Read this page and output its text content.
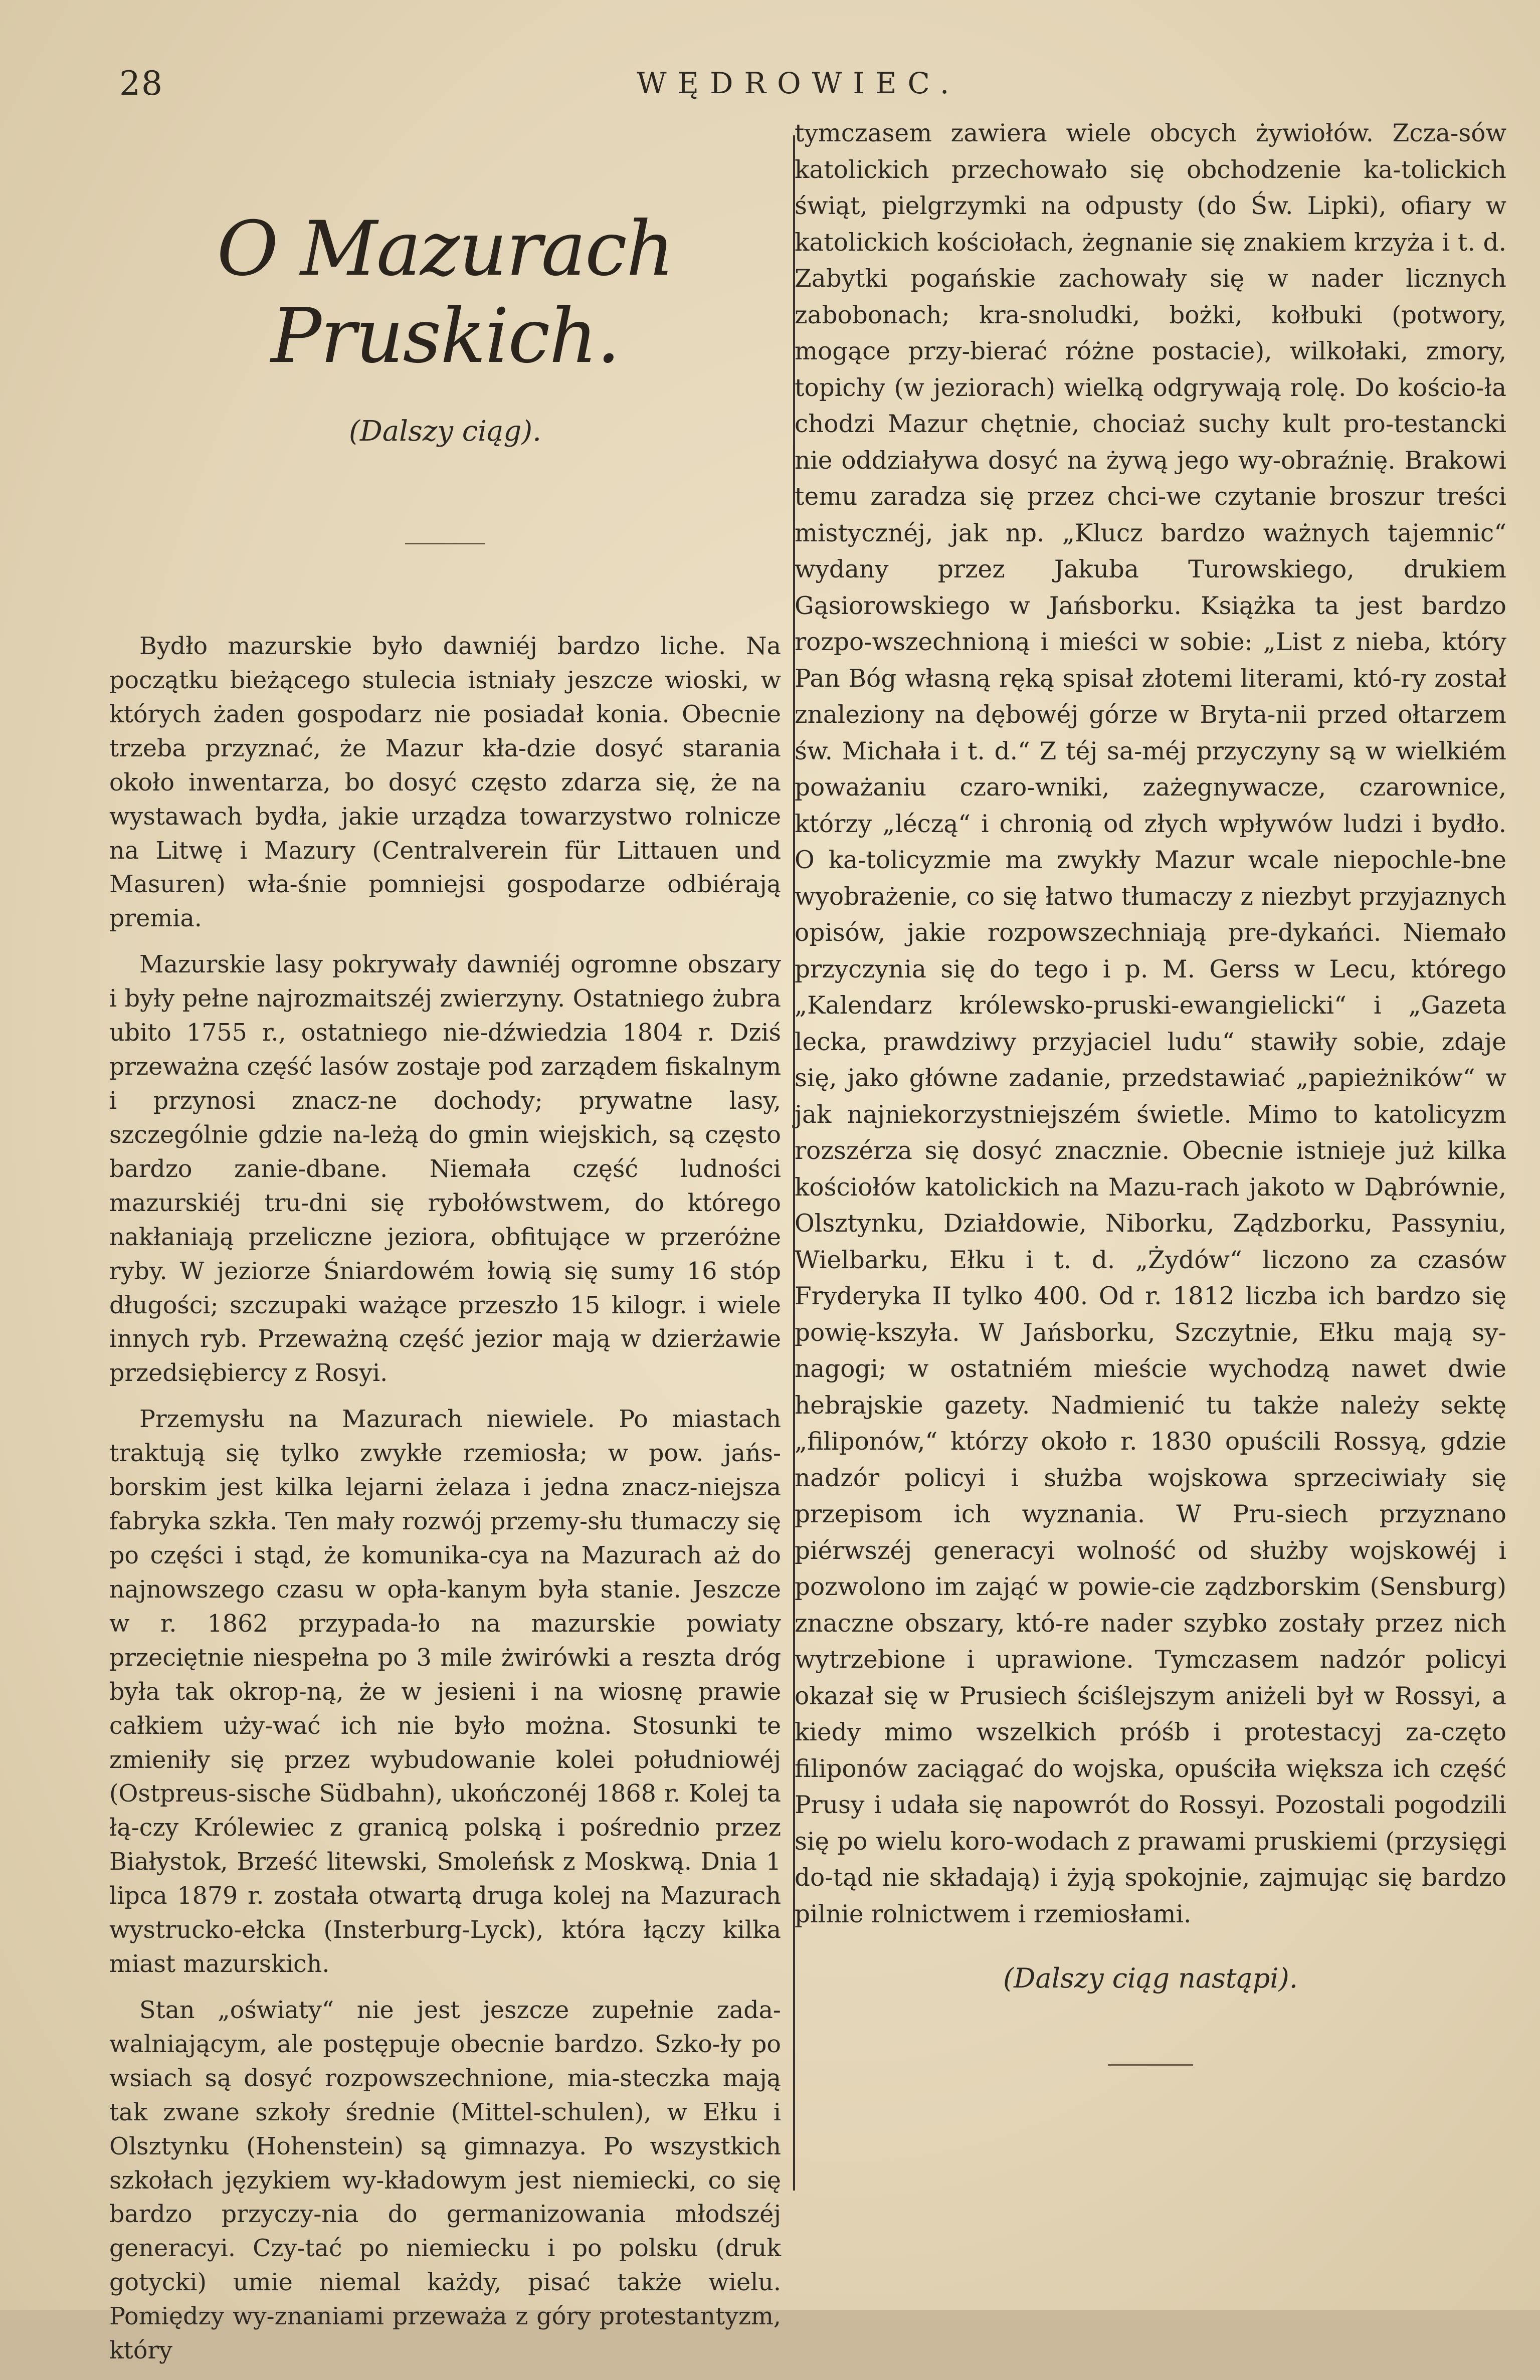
28	WĘDROWIEC.
O Mazurach Pruskich.
(Dalszy ciąg).

Bydło mazurskie było dawniéj bardzo liche. Na początku bieżącego stulecia istniały jeszcze wioski, w których żaden gospodarz nie posiadał konia. Obecnie trzeba przyznać, że Mazur kła-dzie dosyć starania około inwentarza, bo dosyć często zdarza się, że na wystawach bydła, jakie urządza towarzystwo rolnicze na Litwę i Mazury (Centralverein für Littauen und Masuren) wła-śnie pomniejsi gospodarze odbiérają premia.

Mazurskie lasy pokrywały dawniéj ogromne obszary i były pełne najrozmaitszéj zwierzyny. Ostatniego żubra ubito 1755 r., ostatniego nie-dźwiedzia 1804 r. Dziś przeważna część lasów zostaje pod zarządem fiskalnym i przynosi znacz-ne dochody; prywatne lasy, szczególnie gdzie na-leżą do gmin wiejskich, są często bardzo zanie-dbane. Niemała część ludności mazurskiéj tru-dni się rybołówstwem, do którego nakłaniają przeliczne jeziora, obfitujące w przeróżne ryby. W jeziorze Śniardowém łowią się sumy 16 stóp długości; szczupaki ważące przeszło 15 kilogr. i wiele innych ryb. Przeważną część jezior mają w dzierżawie przedsiębiercy z Rosyi.

Przemysłu na Mazurach niewiele. Po miastach traktują się tylko zwykłe rzemiosła; w pow. jańs-borskim jest kilka lejarni żelaza i jedna znacz-niejsza fabryka szkła. Ten mały rozwój przemy-słu tłumaczy się po części i stąd, że komunika-cya na Mazurach aż do najnowszego czasu w opła-kanym była stanie. Jeszcze w r. 1862 przypada-ło na mazurskie powiaty przeciętnie niespełna po 3 mile żwirówki a reszta dróg była tak okrop-ną, że w jesieni i na wiosnę prawie całkiem uży-wać ich nie było można. Stosunki te zmieniły się przez wybudowanie kolei południowéj (Ostpreus-sische Südbahn), ukończonéj 1868 r. Kolej ta łą-czy Królewiec z granicą polską i pośrednio przez Białystok, Brześć litewski, Smoleńsk z Moskwą. Dnia 1 lipca 1879 r. została otwartą druga kolej na Mazurach wystrucko-ełcka (Insterburg-Lyck), która łączy kilka miast mazurskich.

Stan „oświaty“ nie jest jeszcze zupełnie zada-walniającym, ale postępuje obecnie bardzo. Szko-ły po wsiach są dosyć rozpowszechnione, mia-steczka mają tak zwane szkoły średnie (Mittel-schulen), w Ełku i Olsztynku (Hohenstein) są gimnazya. Po wszystkich szkołach językiem wy-kładowym jest niemiecki, co się bardzo przyczy-nia do germanizowania młodszéj generacyi. Czy-tać po niemiecku i po polsku (druk gotycki) umie niemal każdy, pisać także wielu. Pomiędzy wy-znaniami przeważa z góry protestantyzm, który

tymczasem zawiera wiele obcych żywiołów. Zcza-sów katolickich przechowało się obchodzenie ka-tolickich świąt, pielgrzymki na odpusty (do Św. Lipki), ofiary w katolickich kościołach, żegnanie się znakiem krzyża i t. d. Zabytki pogańskie zachowały się w nader licznych zabobonach; kra-snoludki, bożki, kołbuki (potwory, mogące przy-bierać różne postacie), wilkołaki, zmory, topichy (w jeziorach) wielką odgrywają rolę. Do kościo-ła chodzi Mazur chętnie, chociaż suchy kult pro-testancki nie oddziaływa dosyć na żywą jego wy-obraźnię. Brakowi temu zaradza się przez chci-we czytanie broszur treści mistycznéj, jak np. „Klucz bardzo ważnych tajemnic“ wydany przez Jakuba Turowskiego, drukiem Gąsiorowskiego w Jańsborku. Książka ta jest bardzo rozpo-wszechnioną i mieści w sobie: „List z nieba, który Pan Bóg własną ręką spisał złotemi literami, któ-ry został znaleziony na dębowéj górze w Bryta-nii przed ołtarzem św. Michała i t. d.“ Z téj sa-méj przyczyny są w wielkiém poważaniu czaro-wniki, zażegnywacze, czarownice, którzy „léczą“ i chronią od złych wpływów ludzi i bydło. O ka-tolicyzmie ma zwykły Mazur wcale niepochle-bne wyobrażenie, co się łatwo tłumaczy z niezbyt przyjaznych opisów, jakie rozpowszechniają pre-dykańci. Niemało przyczynia się do tego i p. M. Gerss w Lecu, którego „Kalendarz królewsko-pruski-ewangielicki“ i „Gazeta lecka, prawdziwy przyjaciel ludu“ stawiły sobie, zdaje się, jako główne zadanie, przedstawiać „papieżników“ w jak najniekorzystniejszém świetle. Mimo to katolicyzm rozszérza się dosyć znacznie. Obecnie istnieje już kilka kościołów katolickich na Mazu-rach jakoto w Dąbrównie, Olsztynku, Działdowie, Niborku, Ządzborku, Passyniu, Wielbarku, Ełku i t. d. „Żydów“ liczono za czasów Fryderyka II tylko 400. Od r. 1812 liczba ich bardzo się powię-kszyła. W Jańsborku, Szczytnie, Ełku mają sy-nagogi; w ostatniém mieście wychodzą nawet dwie hebrajskie gazety. Nadmienić tu także należy sektę „filiponów,“ którzy około r. 1830 opuścili Rossyą, gdzie nadzór policyi i służba wojskowa sprzeciwiały się przepisom ich wyznania. W Pru-siech przyznano piérwszéj generacyi wolność od służby wojskowéj i pozwolono im zająć w powie-cie ządzborskim (Sensburg) znaczne obszary, któ-re nader szybko zostały przez nich wytrzebione i uprawione. Tymczasem nadzór policyi okazał się w Prusiech ściślejszym aniżeli był w Rossyi, a kiedy mimo wszelkich próśb i protestacyj za-częto filiponów zaciągać do wojska, opuściła większa ich część Prusy i udała się napowrót do Rossyi. Pozostali pogodzili się po wielu koro-wodach z prawami pruskiemi (przysięgi do-tąd nie składają) i żyją spokojnie, zajmując się bardzo pilnie rolnictwem i rzemiosłami.

(Dalszy ciąg nastąpi).
